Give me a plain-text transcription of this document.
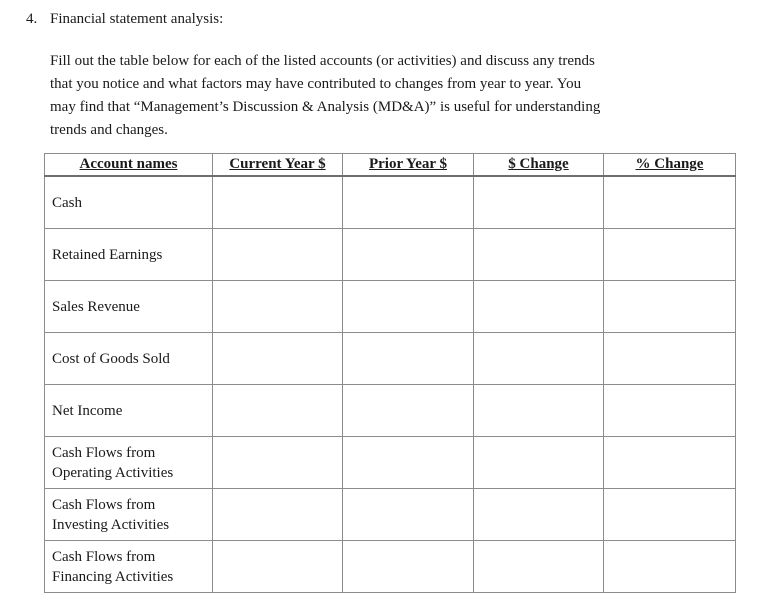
4. Financial statement analysis:
Fill out the table below for each of the listed accounts (or activities) and discuss any trends
that you notice and what factors may have contributed to changes from year to year. You
may find that “Management’s Discussion & Analysis (MD&A)” is useful for understanding
trends and changes.
Account names	Current Year $	Prior Year $	$ Change	% Change
Cash				
Retained Earnings				
Sales Revenue				
Cost of Goods Sold				
Net Income				
Cash Flows from
Operating Activities				
Cash Flows from
Investing Activities				
Cash Flows from
Financing Activities				
